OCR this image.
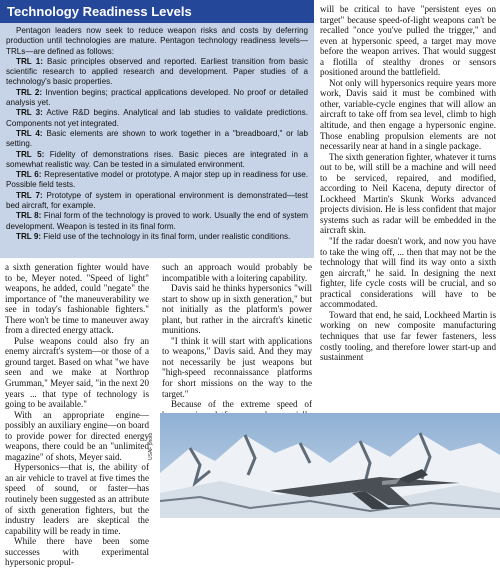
Technology Readiness Levels

Pentagon leaders now seek to reduce weapon risks and costs by deferring production until technologies are mature. Pentagon technology readiness levels—TRLs—are defined as follows:

TRL 1: Basic principles observed and reported. Earliest transition from basic scientific research to applied research and development. Paper studies of a technology's basic properties.
TRL 2: Invention begins; practical applications developed. No proof or detailed analysis yet.
TRL 3: Active R&D begins. Analytical and lab studies to validate predictions. Components not yet integrated.
TRL 4: Basic elements are shown to work together in a "breadboard," or lab setting.
TRL 5: Fidelity of demonstrations rises. Basic pieces are integrated in a somewhat realistic way. Can be tested in a simulated environment.
TRL 6: Representative model or prototype. A major step up in readiness for use. Possible field tests.
TRL 7: Prototype of system in operational environment is demonstrated—test bed aircraft, for example.
TRL 8: Final form of the technology is proved to work. Usually the end of system development. Weapon is tested in its final form.
TRL 9: Field use of the technology in its final form, under realistic conditions.

a sixth generation fighter would have to be, Meyer noted. "Speed of light" weapons, he added, could "negate" the importance of "the maneuverability we see in today's fashionable fighters." There won't be time to maneuver away from a directed energy attack.

Pulse weapons could also fry an enemy aircraft's system—or those of a ground target. Based on what "we have seen and we make at Northrop Grumman," Meyer said, "in the next 20 years ... that type of technology is going to be available."

With an appropriate engine—possibly an auxiliary engine—on board to provide power for directed energy weapons, there could be an "unlimited magazine" of shots, Meyer said.

Hypersonics—that is, the ability of an air vehicle to travel at five times the speed of sound, or faster—has routinely been suggested as an attribute of sixth generation fighters, but the industry leaders are skeptical the capability will be ready in time.

While there have been some successes with experimental hypersonic propul-

such an approach would probably be incompatible with a loitering capability.

Davis said he thinks hypersonics "will start to show up in sixth generation," but not initially as the platform's power plant, but rather in the aircraft's kinetic munitions.

"I think it will start with applications to weapons," Davis said. And they may not necessarily be just weapons but "high-speed reconnaissance platforms for short missions on the way to the target."

Because of the extreme speed of

will be critical to have "persistent eyes on target" because speed-of-light weapons can't be recalled "once you've pulled the trigger," and even at hypersonic speed, a target may move before the weapon arrives. That would suggest a flotilla of stealthy drones or sensors positioned around the battlefield.

Not only will hypersonics require years more work, Davis said it must be combined with other, variable-cycle engines that will allow an aircraft to take off from sea level, climb to high altitude, and then engage a hypersonic engine. Those enabling propulsion elements are not necessarily near at hand in a single package.

The sixth generation fighter, whatever it turns out to be, will still be a machine and will need to be serviced, repaired, and modified, according to Neil Kacena, deputy director of Lockheed Martin's Skunk Works advanced projects division. He is less confident that major systems such as radar will be embedded in the aircraft skin.

"If the radar doesn't work, and now you have to take the wing off, ... then that may not be the technology that will find its way onto a sixth gen aircraft," he said. In designing the next fighter, life cycle costs will be crucial, and so practical considerations will have to be accommodated.

Toward that end, he said, Lockheed Martin is working on new composite manufacturing techniques that use far fewer fasteners, less costly tooling, and therefore lower start-up and sustainment

USAF photo
